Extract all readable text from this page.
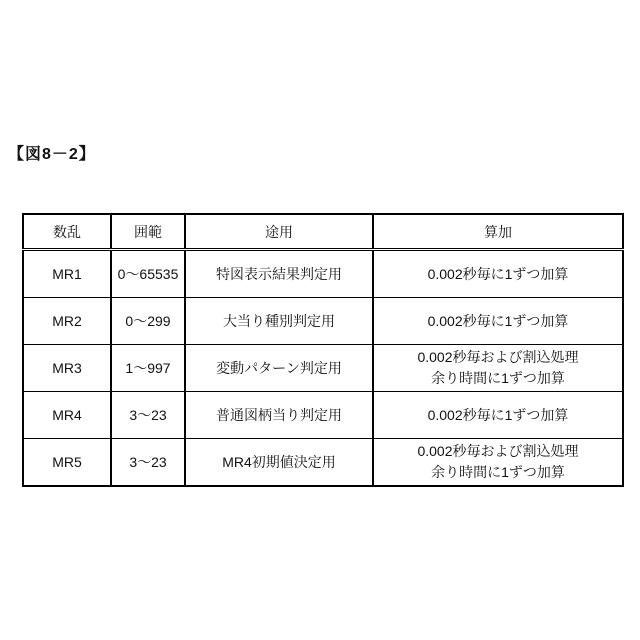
【図8－2】
数乱	囲範	途用	算加
MR1	0〜65535	特図表示結果判定用	0.002秒毎に1ずつ加算

MR2	0〜299	大当り種別判定用	0.002秒毎に1ずつ加算

MR3	1〜997	変動パターン判定用	0.002秒毎および割込処理
余り時間に1ずつ加算

MR4	3〜23	普通図柄当り判定用	0.002秒毎に1ずつ加算

MR5	3〜23	MR4初期値決定用	0.002秒毎および割込処理
余り時間に1ずつ加算
